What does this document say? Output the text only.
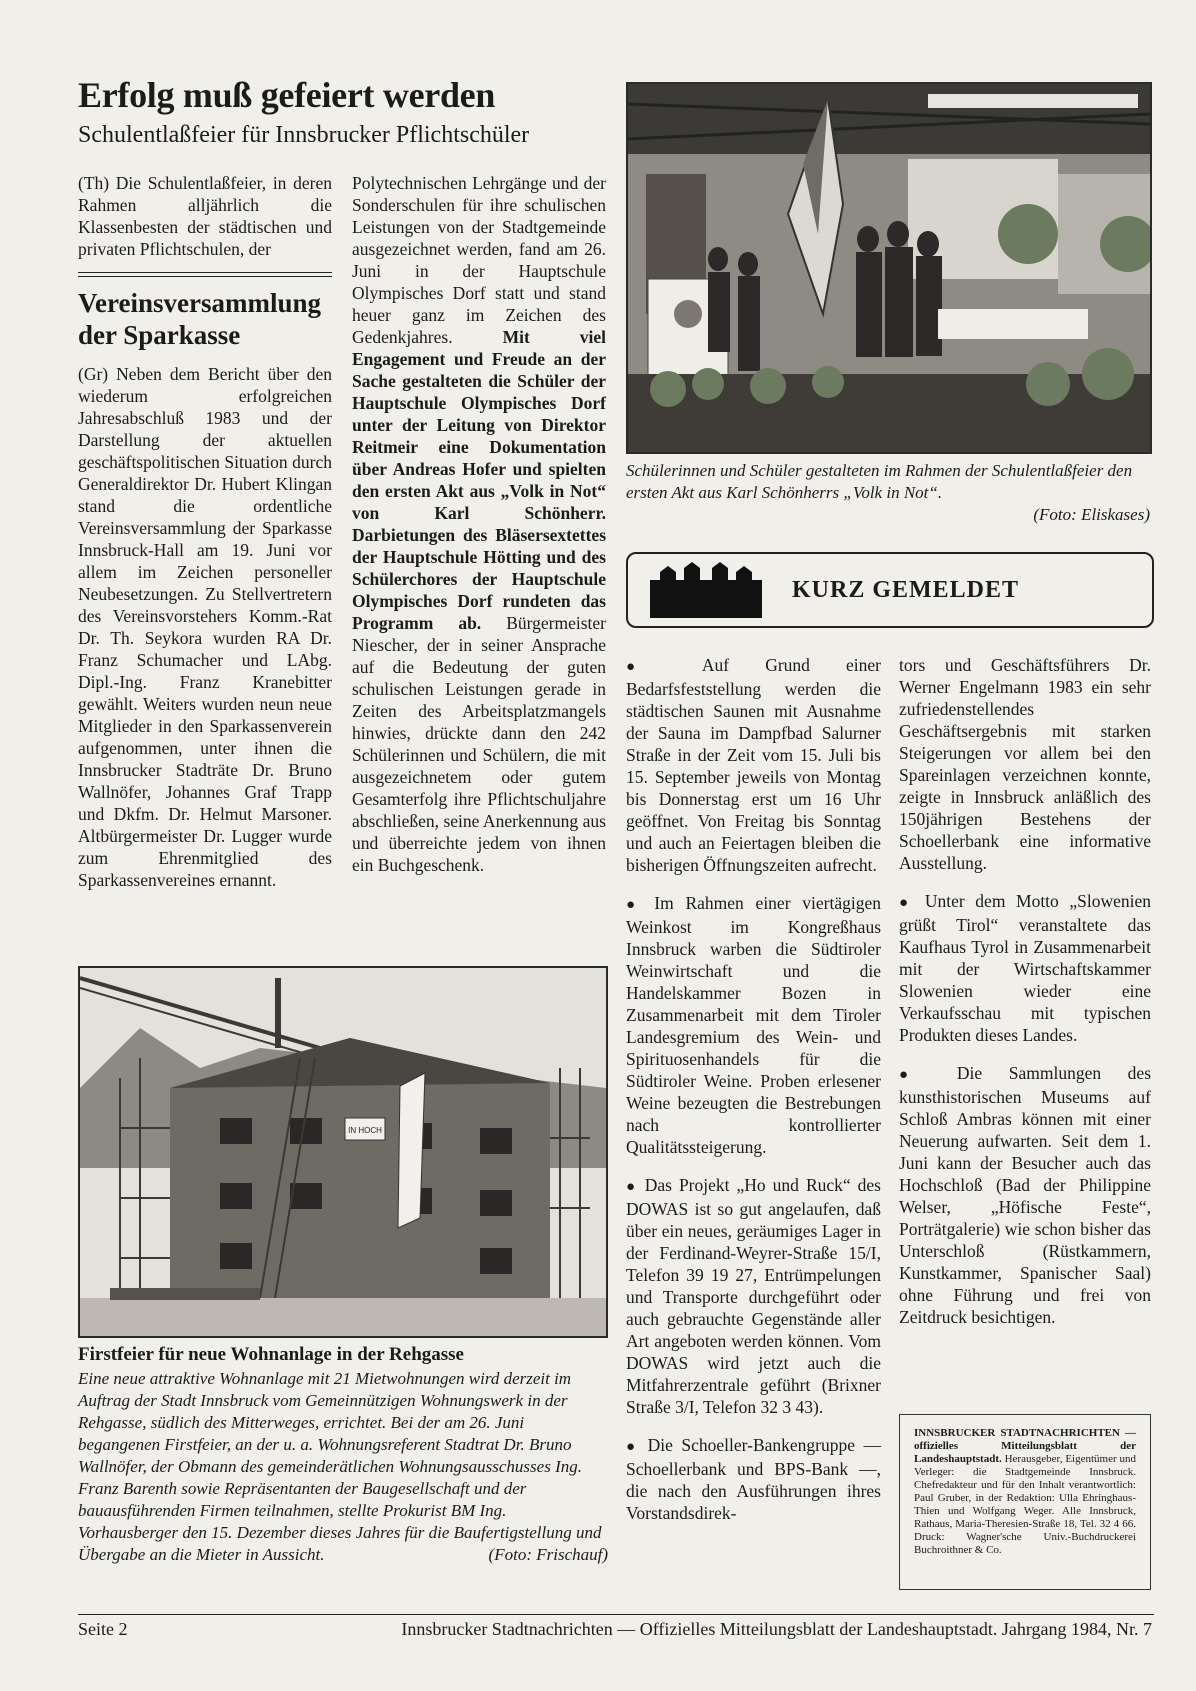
Erfolg muß gefeiert werden
Schulentlaßfeier für Innsbrucker Pflichtschüler

(Th) Die Schulentlaßfeier, in deren Rahmen alljährlich die Klassenbesten der städtischen und privaten Pflichtschulen, der

Vereinsversammlung der Sparkasse

(Gr) Neben dem Bericht über den wiederum erfolgreichen Jahresabschluß 1983 und der Darstellung der aktuellen geschäftspolitischen Situation durch Generaldirektor Dr. Hubert Klingan stand die ordentliche Vereinsversammlung der Sparkasse Innsbruck-Hall am 19. Juni vor allem im Zeichen personeller Neubesetzungen. Zu Stellvertretern des Vereinsvorstehers Komm.-Rat Dr. Th. Seykora wurden RA Dr. Franz Schumacher und LAbg. Dipl.-Ing. Franz Kranebitter gewählt. Weiters wurden neun neue Mitglieder in den Sparkassenverein aufgenommen, unter ihnen die Innsbrucker Stadträte Dr. Bruno Wallnöfer, Johannes Graf Trapp und Dkfm. Dr. Helmut Marsoner. Altbürgermeister Dr. Lugger wurde zum Ehrenmitglied des Sparkassenvereines ernannt.

Polytechnischen Lehrgänge und der Sonderschulen für ihre schulischen Leistungen von der Stadtgemeinde ausgezeichnet werden, fand am 26. Juni in der Hauptschule Olympisches Dorf statt und stand heuer ganz im Zeichen des Gedenkjahres.	Mit viel Engagement und Freude an der Sache gestalteten die Schüler der Hauptschule Olympisches Dorf unter der Leitung von Direktor Reitmeir eine Dokumentation über Andreas Hofer und spielten den ersten Akt aus „Volk in Not“ von Karl Schönherr. Darbietungen des Bläsersextettes der Hauptschule Hötting und des Schülerchores der Hauptschule Olympisches Dorf rundeten das Programm ab. Bürgermeister Niescher, der in seiner Ansprache auf die Bedeutung der guten schulischen Leistungen gerade in Zeiten des Arbeitsplatzmangels hinwies, drückte dann den 242 Schülerinnen und Schülern, die mit ausgezeichnetem oder gutem Gesamterfolg ihre Pflichtschuljahre abschließen, seine Anerkennung aus und überreichte jedem von ihnen ein Buchgeschenk.
Schülerinnen und Schüler gestalteten im Rahmen der Schulentlaßfeier den ersten Akt aus Karl Schönherrs „Volk in Not“.
(Foto: Eliskases)
KURZ GEMELDET

● Auf Grund einer Bedarfsfeststellung werden die städtischen Saunen mit Ausnahme der Sauna im Dampfbad Salurner Straße in der Zeit vom 15. Juli bis 15. September jeweils von Montag bis Donnerstag erst um 16 Uhr geöffnet. Von Freitag bis Sonntag und auch an Feiertagen bleiben die bisherigen Öffnungszeiten aufrecht.

● Im Rahmen einer viertägigen Weinkost im Kongreßhaus Innsbruck warben die Südtiroler Weinwirtschaft und die Handelskammer Bozen in Zusammenarbeit mit dem Tiroler Landesgremium des Wein- und Spirituosenhandels für die Südtiroler Weine. Proben erlesener Weine bezeugten die Bestrebungen nach kontrollierter Qualitätssteigerung.

● Das Projekt „Ho und Ruck“ des DOWAS ist so gut angelaufen, daß über ein neues, geräumiges Lager in der Ferdinand-Weyrer-Straße 15/I, Telefon 39 19 27, Entrümpelungen und Transporte durchgeführt oder auch gebrauchte Gegenstände aller Art angeboten werden können. Vom DOWAS wird jetzt auch die Mitfahrerzentrale geführt (Brixner Straße 3/I, Telefon 32 3 43).

● Die Schoeller-Bankengruppe — Schoellerbank und BPS-Bank —, die nach den Ausführungen ihres Vorstandsdirek-

tors und Geschäftsführers Dr. Werner Engelmann 1983 ein sehr zufriedenstellendes Geschäftsergebnis mit starken Steigerungen vor allem bei den Spareinlagen verzeichnen konnte, zeigte in Innsbruck anläßlich des 150jährigen Bestehens der Schoellerbank eine informative Ausstellung.

● Unter dem Motto „Slowenien grüßt Tirol“ veranstaltete das Kaufhaus Tyrol in Zusammenarbeit mit der Wirtschaftskammer Slowenien wieder eine Verkaufsschau mit typischen Produkten dieses Landes.

● Die Sammlungen des kunsthistorischen Museums auf Schloß Ambras können mit einer Neuerung aufwarten. Seit dem 1. Juni kann der Besucher auch das Hochschloß (Bad der Philippine Welser, „Höfische Feste“, Porträtgalerie) wie schon bisher das Unterschloß (Rüstkammern, Kunstkammer, Spanischer Saal) ohne Führung und frei von Zeitdruck besichtigen.

INNSBRUCKER STADTNACHRICHTEN — offizielles Mitteilungsblatt der Landeshauptstadt. Herausgeber, Eigentümer und Verleger: die Stadtgemeinde Innsbruck. Chefredakteur und für den Inhalt verantwortlich: Paul Gruber, in der Redaktion: Ulla Ehringhaus-Thien und Wolfgang Weger. Alle Innsbruck, Rathaus, Maria-Theresien-Straße 18, Tel. 32 4 66. Druck: Wagner'sche Univ.-Buchdruckerei Buchroithner & Co.
IN HOCH
Firstfeier für neue Wohnanlage in der Rehgasse
Eine neue attraktive Wohnanlage mit 21 Mietwohnungen wird derzeit im Auftrag der Stadt Innsbruck vom Gemeinnützigen Wohnungswerk in der Rehgasse, südlich des Mitterweges, errichtet. Bei der am 26. Juni begangenen Firstfeier, an der u. a. Wohnungsreferent Stadtrat Dr. Bruno Wallnöfer, der Obmann des gemeinderätlichen Wohnungsausschusses Ing. Franz Barenth sowie Repräsentanten der Baugesellschaft und der bauausführenden Firmen teilnahmen, stellte Prokurist BM Ing. Vorhausberger den 15. Dezember dieses Jahres für die Baufertigstellung und Übergabe an die Mieter in Aussicht.	(Foto: Frischauf)
Seite 2	Innsbrucker Stadtnachrichten — Offizielles Mitteilungsblatt der Landeshauptstadt. Jahrgang 1984, Nr. 7
